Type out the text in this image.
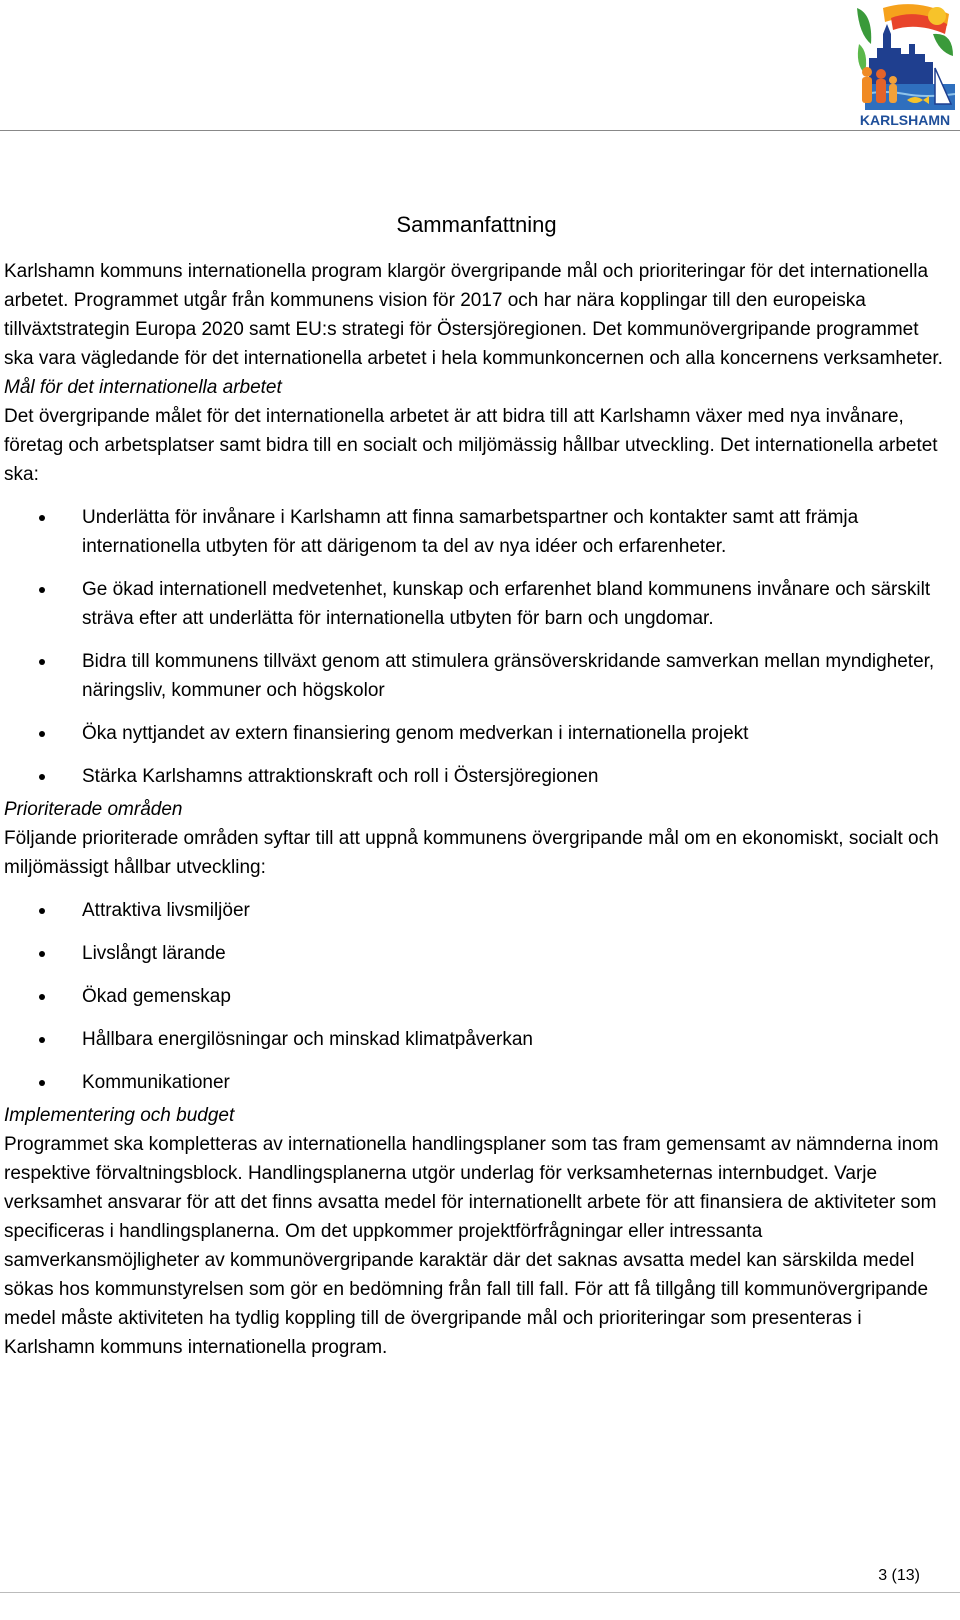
KARLSHAMN
Sammanfattning

Karlshamn kommuns internationella program klargör övergripande mål och prioriteringar för det internationella arbetet. Programmet utgår från kommunens vision för 2017 och har nära kopplingar till den europeiska tillväxtstrategin Europa 2020 samt EU:s strategi för Östersjöregionen. Det kommunövergripande programmet ska vara vägledande för det internationella arbetet i hela kommunkoncernen och alla koncernens verksamheter.

Mål för det internationella arbetet

Det övergripande målet för det internationella arbetet är att bidra till att Karlshamn växer med nya invånare, företag och arbetsplatser samt bidra till en socialt och miljömässig hållbar utveckling. Det internationella arbetet ska:

Underlätta för invånare i Karlshamn att finna samarbetspartner och kontakter samt att främja internationella utbyten för att därigenom ta del av nya idéer och erfarenheter.
Ge ökad internationell medvetenhet, kunskap och erfarenhet bland kommunens invånare och särskilt sträva efter att underlätta för internationella utbyten för barn och ungdomar.
Bidra till kommunens tillväxt genom att stimulera gränsöverskridande samverkan mellan myndigheter, näringsliv, kommuner och högskolor
Öka nyttjandet av extern finansiering genom medverkan i internationella projekt
Stärka Karlshamns attraktionskraft och roll i Östersjöregionen

Prioriterade områden

Följande prioriterade områden syftar till att uppnå kommunens övergripande mål om en ekonomiskt, socialt och miljömässigt hållbar utveckling:

Attraktiva livsmiljöer
Livslångt lärande
Ökad gemenskap
Hållbara energilösningar och minskad klimatpåverkan
Kommunikationer

Implementering och budget

Programmet ska kompletteras av internationella handlingsplaner som tas fram gemensamt av nämnderna inom respektive förvaltningsblock. Handlingsplanerna utgör underlag för verksamheternas internbudget. Varje verksamhet ansvarar för att det finns avsatta medel för internationellt arbete för att finansiera de aktiviteter som specificeras i handlingsplanerna. Om det uppkommer projektförfrågningar eller intressanta samverkansmöjligheter av kommunövergripande karaktär där det saknas avsatta medel kan särskilda medel sökas hos kommunstyrelsen som gör en bedömning från fall till fall. För att få tillgång till kommunövergripande medel måste aktiviteten ha tydlig koppling till de övergripande mål och prioriteringar som presenteras i Karlshamn kommuns internationella program.

3 (13)
